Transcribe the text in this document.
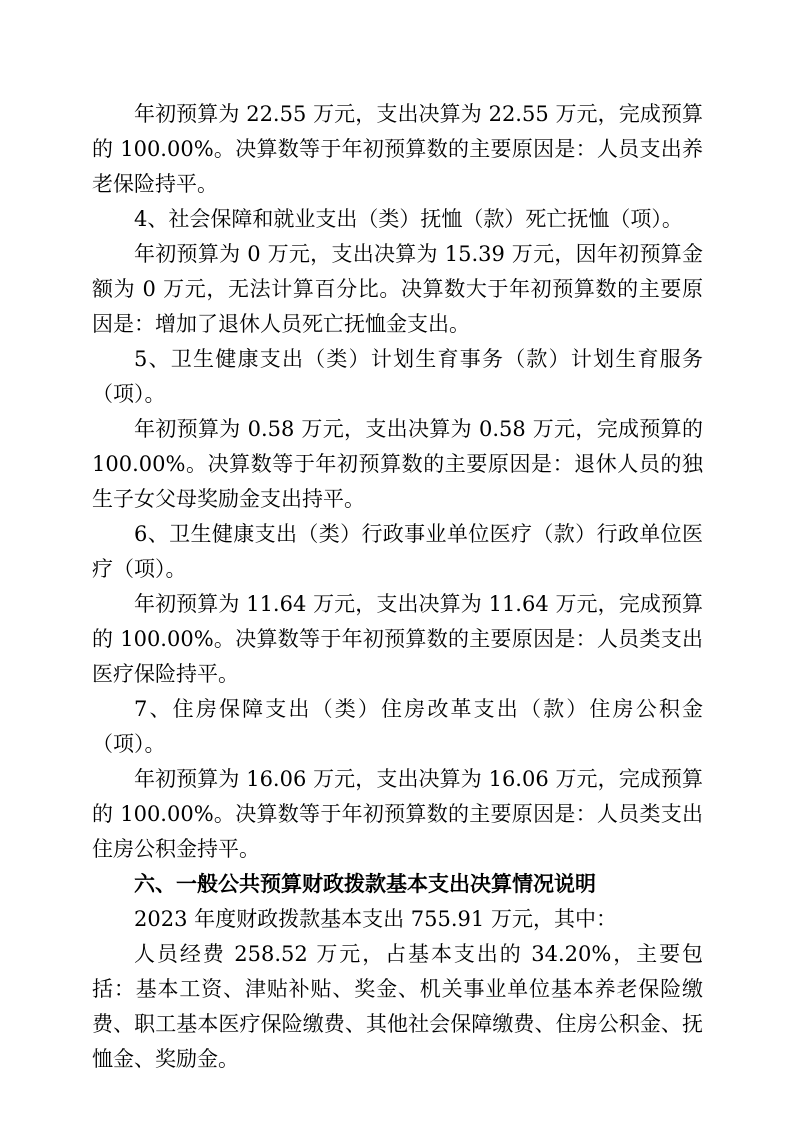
年初预算为 22.55 万元，支出决算为 22.55 万元，完成预算的 100.00%。决算数等于年初预算数的主要原因是：人员支出养老保险持平。

4、社会保障和就业支出（类）抚恤（款）死亡抚恤（项）。

年初预算为 0 万元，支出决算为 15.39 万元，因年初预算金额为 0 万元，无法计算百分比。决算数大于年初预算数的主要原因是：增加了退休人员死亡抚恤金支出。

5、卫生健康支出（类）计划生育事务（款）计划生育服务（项）。

年初预算为 0.58 万元，支出决算为 0.58 万元，完成预算的 100.00%。决算数等于年初预算数的主要原因是：退休人员的独生子女父母奖励金支出持平。

6、卫生健康支出（类）行政事业单位医疗（款）行政单位医疗（项）。

年初预算为 11.64 万元，支出决算为 11.64 万元，完成预算的 100.00%。决算数等于年初预算数的主要原因是：人员类支出医疗保险持平。

7、住房保障支出（类）住房改革支出（款）住房公积金（项）。

年初预算为 16.06 万元，支出决算为 16.06 万元，完成预算的 100.00%。决算数等于年初预算数的主要原因是：人员类支出住房公积金持平。

六、一般公共预算财政拨款基本支出决算情况说明

2023 年度财政拨款基本支出 755.91 万元，其中：

人员经费 258.52 万元，占基本支出的 34.20%，主要包括：基本工资、津贴补贴、奖金、机关事业单位基本养老保险缴费、职工基本医疗保险缴费、其他社会保障缴费、住房公积金、抚恤金、奖励金。
